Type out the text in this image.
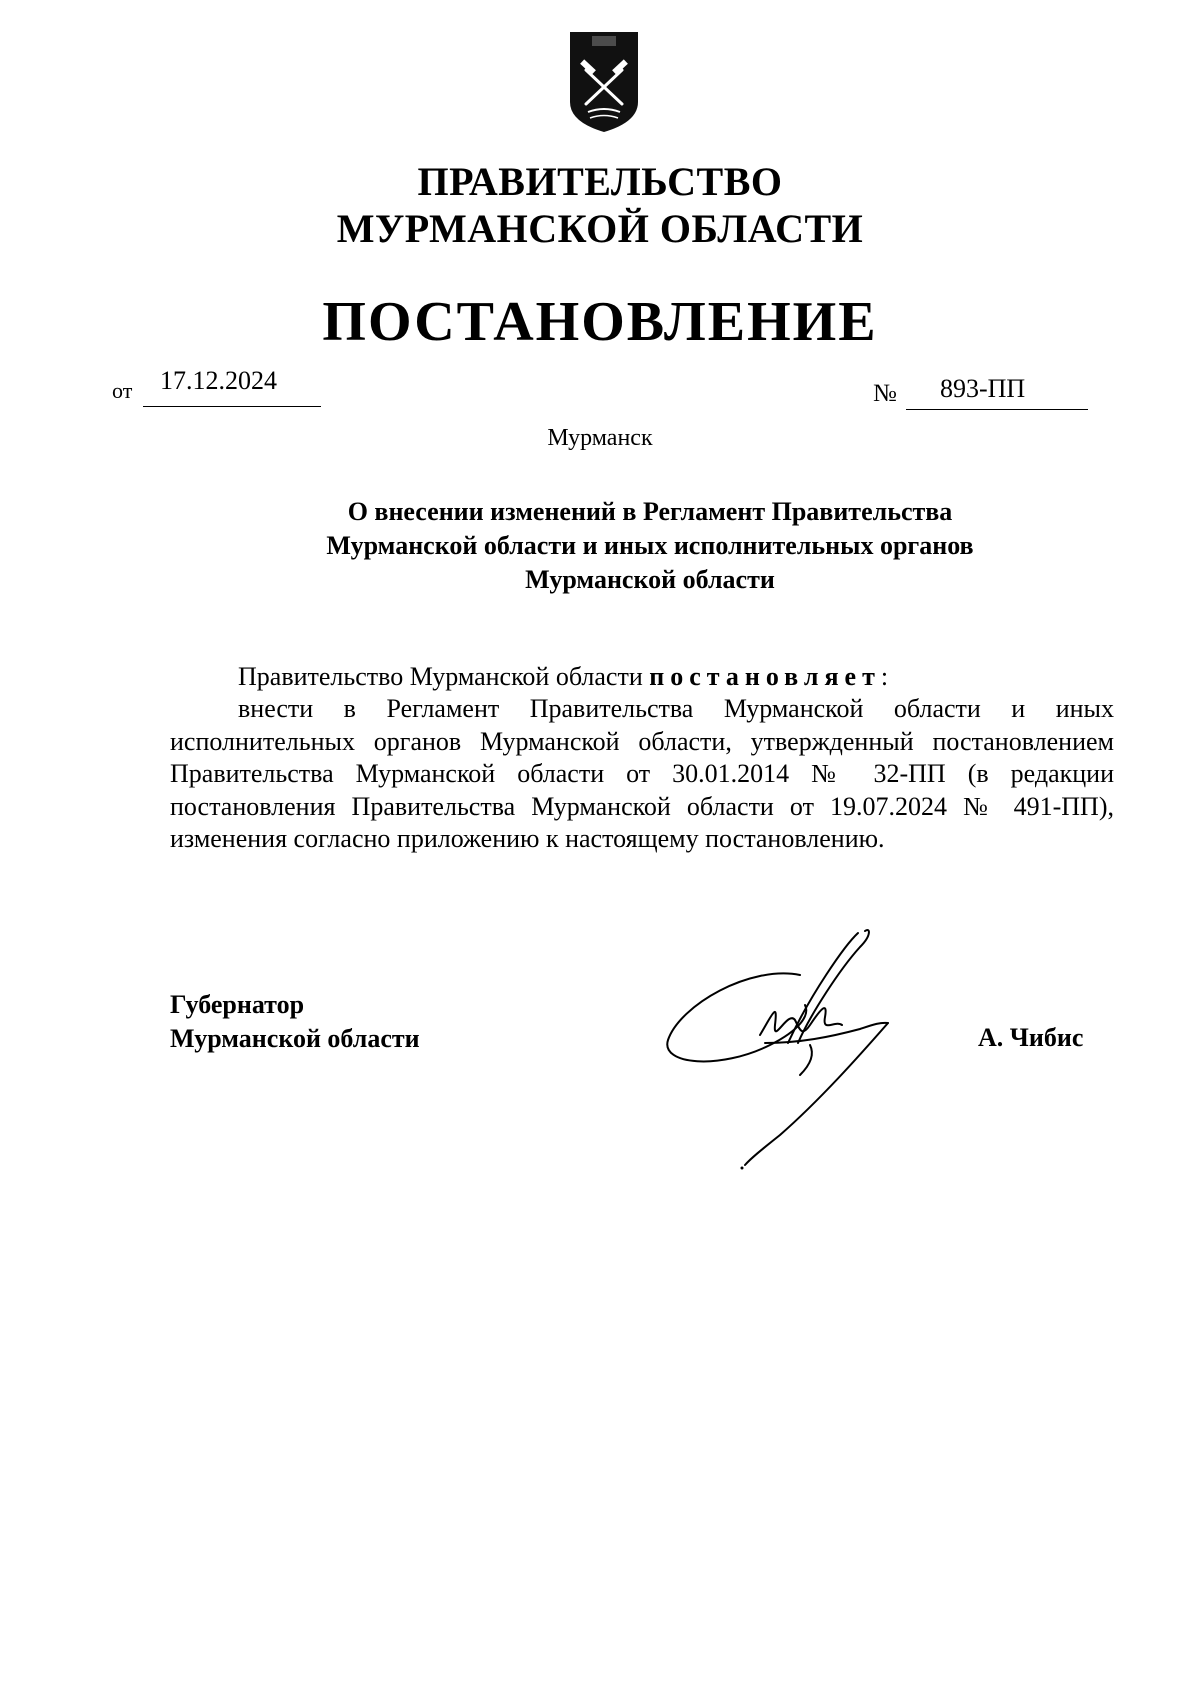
ПРАВИТЕЛЬСТВО
МУРМАНСКОЙ ОБЛАСТИ
ПОСТАНОВЛЕНИЕ
от 17.12.2024	№ 893-ПП
Мурманск
О внесении изменений в Регламент Правительства
Мурманской области и иных исполнительных органов
Мурманской области
Правительство Мурманской области постановляет:
внести в Регламент Правительства Мурманской области и иных исполнительных органов Мурманской области, утвержденный постановлением Правительства Мурманской области от 30.01.2014 № 32-ПП (в редакции постановления Правительства Мурманской области от 19.07.2024 № 491-ПП), изменения согласно приложению к настоящему постановлению.
Губернатор
Мурманской области	А. Чибис
